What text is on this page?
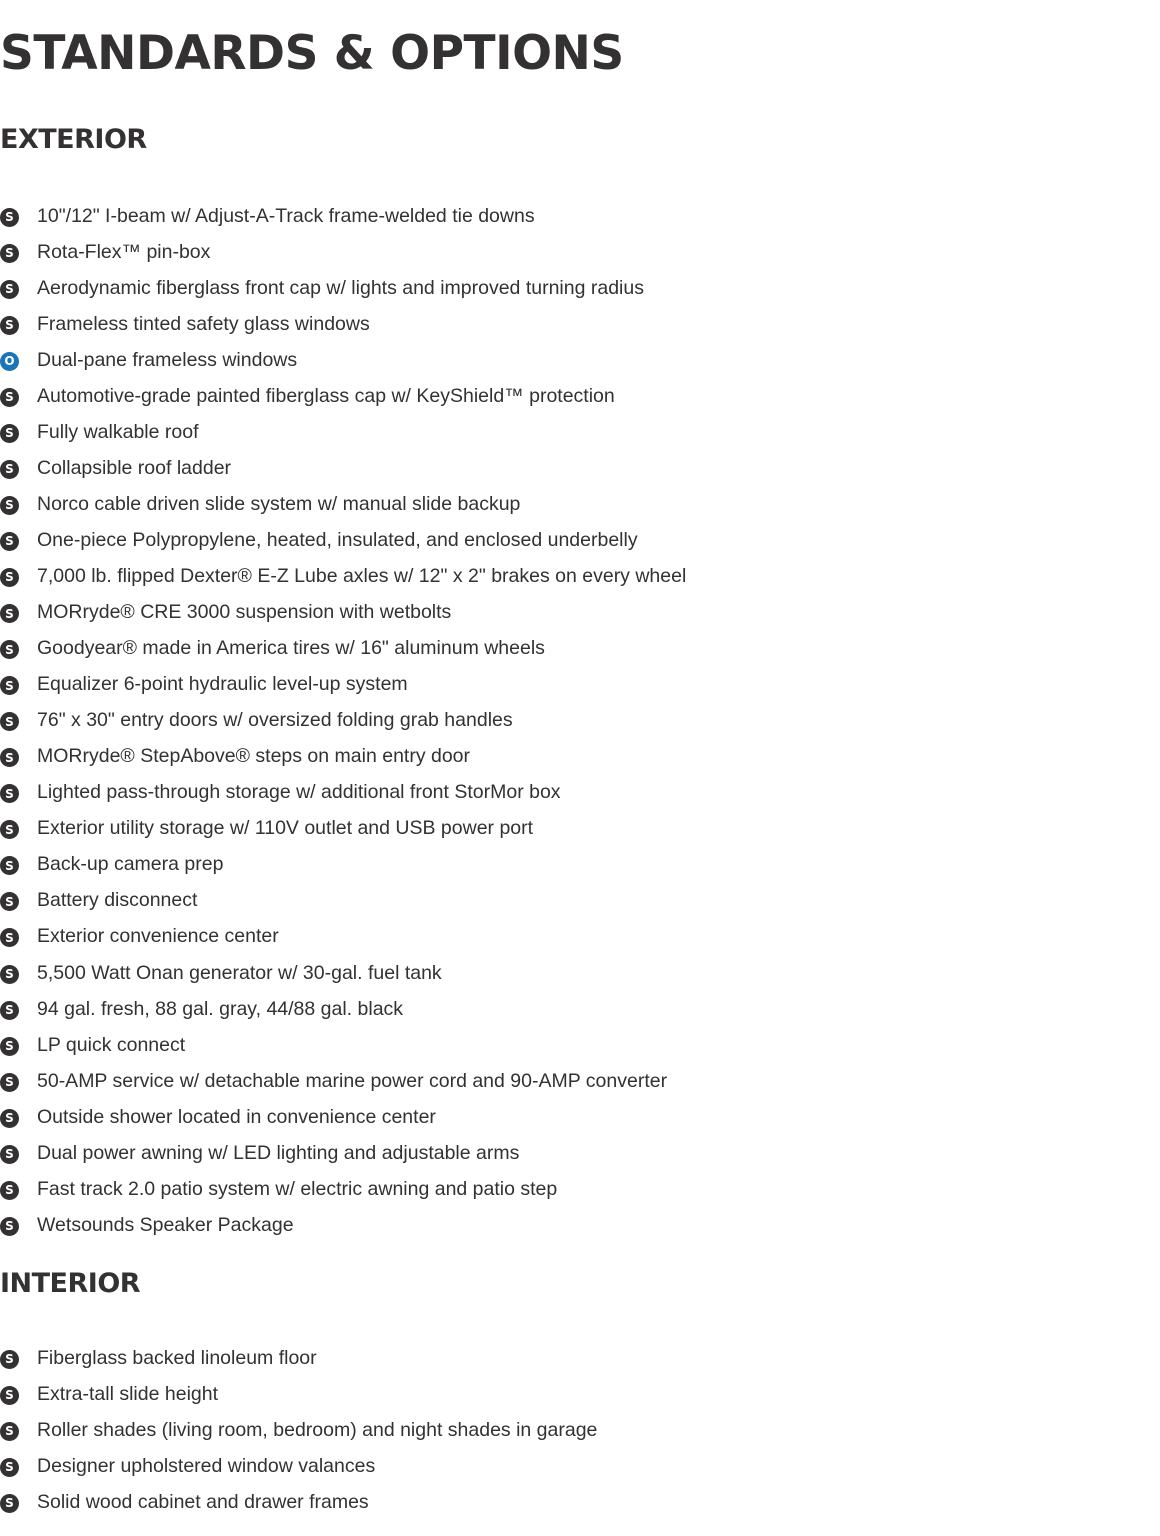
STANDARDS & OPTIONS
EXTERIOR
S 10"/12" I-beam w/ Adjust-A-Track frame-welded tie downs
S Rota-Flex™ pin-box
S Aerodynamic fiberglass front cap w/ lights and improved turning radius
S Frameless tinted safety glass windows
O Dual-pane frameless windows
S Automotive-grade painted fiberglass cap w/ KeyShield™ protection
S Fully walkable roof
S Collapsible roof ladder
S Norco cable driven slide system w/ manual slide backup
S One-piece Polypropylene, heated, insulated, and enclosed underbelly
S 7,000 lb. flipped Dexter® E-Z Lube axles w/ 12" x 2" brakes on every wheel
S MORryde® CRE 3000 suspension with wetbolts
S Goodyear® made in America tires w/ 16" aluminum wheels
S Equalizer 6-point hydraulic level-up system
S 76" x 30" entry doors w/ oversized folding grab handles
S MORryde® StepAbove® steps on main entry door
S Lighted pass-through storage w/ additional front StorMor box
S Exterior utility storage w/ 110V outlet and USB power port
S Back-up camera prep
S Battery disconnect
S Exterior convenience center
S 5,500 Watt Onan generator w/ 30-gal. fuel tank
S 94 gal. fresh, 88 gal. gray, 44/88 gal. black
S LP quick connect
S 50-AMP service w/ detachable marine power cord and 90-AMP converter
S Outside shower located in convenience center
S Dual power awning w/ LED lighting and adjustable arms
S Fast track 2.0 patio system w/ electric awning and patio step
S Wetsounds Speaker Package
INTERIOR
S Fiberglass backed linoleum floor
S Extra-tall slide height
S Roller shades (living room, bedroom) and night shades in garage
S Designer upholstered window valances
S Solid wood cabinet and drawer frames
